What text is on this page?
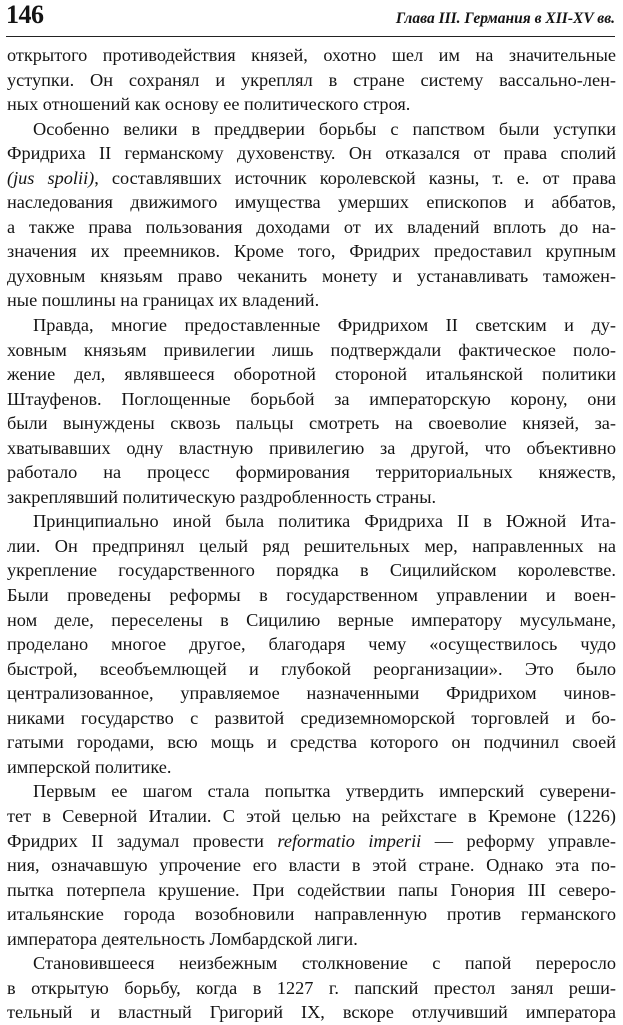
146	Глава III. Германия в XII-XV вв.
открытого противодействия князей, охотно шел им на значительные
уступки. Он сохранял и укреплял в стране систему вассально-лен-
ных отношений как основу ее политического строя.
Особенно велики в преддверии борьбы с папством были уступки
Фридриха II германскому духовенству. Он отказался от права сполий
(jus spolii), составлявших источник королевской казны, т. е. от права
наследования движимого имущества умерших епископов и аббатов,
а также права пользования доходами от их владений вплоть до на-
значения их преемников. Кроме того, Фридрих предоставил крупным
духовным князьям право чеканить монету и устанавливать таможен-
ные пошлины на границах их владений.
Правда, многие предоставленные Фридрихом II светским и ду-
ховным князьям привилегии лишь подтверждали фактическое поло-
жение дел, являвшееся оборотной стороной итальянской политики
Штауфенов. Поглощенные борьбой за императорскую корону, они
были вынуждены сквозь пальцы смотреть на своеволие князей, за-
хватывавших одну властную привилегию за другой, что объективно
работало на процесс формирования территориальных княжеств,
закреплявший политическую раздробленность страны.
Принципиально иной была политика Фридриха II в Южной Ита-
лии. Он предпринял целый ряд решительных мер, направленных на
укрепление государственного порядка в Сицилийском королевстве.
Были проведены реформы в государственном управлении и воен-
ном деле, переселены в Сицилию верные императору мусульмане,
проделано многое другое, благодаря чему «осуществилось чудо
быстрой, всеобъемлющей и глубокой реорганизации». Это было
централизованное, управляемое назначенными Фридрихом чинов-
никами государство с развитой средиземноморской торговлей и бо-
гатыми городами, всю мощь и средства которого он подчинил своей
имперской политике.
Первым ее шагом стала попытка утвердить имперский суверени-
тет в Северной Италии. С этой целью на рейхстаге в Кремоне (1226)
Фридрих II задумал провести reformatio imperii — реформу управле-
ния, означавшую упрочение его власти в этой стране. Однако эта по-
пытка потерпела крушение. При содействии папы Гонория III северо-
итальянские города возобновили направленную против германского
императора деятельность Ломбардской лиги.
Становившееся неизбежным столкновение с папой переросло
в открытую борьбу, когда в 1227 г. папский престол занял реши-
тельный и властный Григорий IX, вскоре отлучивший императора
